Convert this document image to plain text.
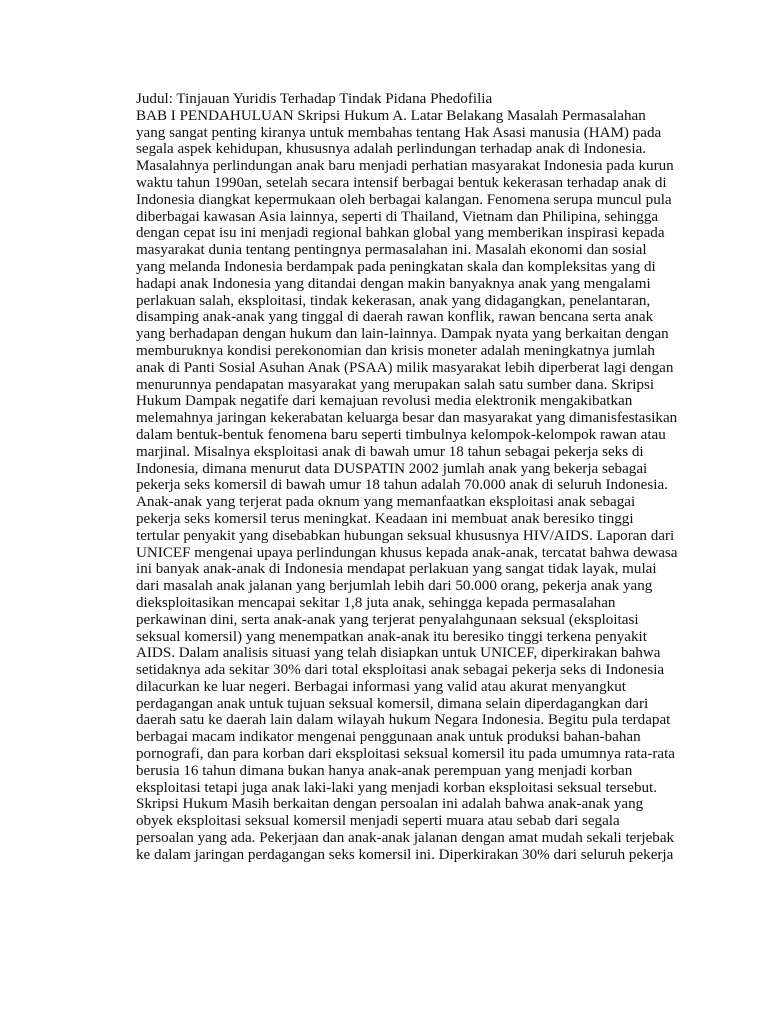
Judul: Tinjauan Yuridis Terhadap Tindak Pidana Phedofilia
BAB I PENDAHULUAN Skripsi Hukum A. Latar Belakang Masalah Permasalahan
yang sangat penting kiranya untuk membahas tentang Hak Asasi manusia (HAM) pada
segala aspek kehidupan, khususnya adalah perlindungan terhadap anak di Indonesia.
Masalahnya perlindungan anak baru menjadi perhatian masyarakat Indonesia pada kurun
waktu tahun 1990an, setelah secara intensif berbagai bentuk kekerasan terhadap anak di
Indonesia diangkat kepermukaan oleh berbagai kalangan. Fenomena serupa muncul pula
diberbagai kawasan Asia lainnya, seperti di Thailand, Vietnam dan Philipina, sehingga
dengan cepat isu ini menjadi regional bahkan global yang memberikan inspirasi kepada
masyarakat dunia tentang pentingnya permasalahan ini. Masalah ekonomi dan sosial
yang melanda Indonesia berdampak pada peningkatan skala dan kompleksitas yang di
hadapi anak Indonesia yang ditandai dengan makin banyaknya anak yang mengalami
perlakuan salah, eksploitasi, tindak kekerasan, anak yang didagangkan, penelantaran,
disamping anak-anak yang tinggal di daerah rawan konflik, rawan bencana serta anak
yang berhadapan dengan hukum dan lain-lainnya. Dampak nyata yang berkaitan dengan
memburuknya kondisi perekonomian dan krisis moneter adalah meningkatnya jumlah
anak di Panti Sosial Asuhan Anak (PSAA) milik masyarakat lebih diperberat lagi dengan
menurunnya pendapatan masyarakat yang merupakan salah satu sumber dana. Skripsi
Hukum Dampak negatife dari kemajuan revolusi media elektronik mengakibatkan
melemahnya jaringan kekerabatan keluarga besar dan masyarakat yang dimanisfestasikan
dalam bentuk-bentuk fenomena baru seperti timbulnya kelompok-kelompok rawan atau
marjinal. Misalnya eksploitasi anak di bawah umur 18 tahun sebagai pekerja seks di
Indonesia, dimana menurut data DUSPATIN 2002 jumlah anak yang bekerja sebagai
pekerja seks komersil di bawah umur 18 tahun adalah 70.000 anak di seluruh Indonesia.
Anak-anak yang terjerat pada oknum yang memanfaatkan eksploitasi anak sebagai
pekerja seks komersil terus meningkat. Keadaan ini membuat anak beresiko tinggi
tertular penyakit yang disebabkan hubungan seksual khususnya HIV/AIDS. Laporan dari
UNICEF mengenai upaya perlindungan khusus kepada anak-anak, tercatat bahwa dewasa
ini banyak anak-anak di Indonesia mendapat perlakuan yang sangat tidak layak, mulai
dari masalah anak jalanan yang berjumlah lebih dari 50.000 orang, pekerja anak yang
dieksploitasikan mencapai sekitar 1,8 juta anak, sehingga kepada permasalahan
perkawinan dini, serta anak-anak yang terjerat penyalahgunaan seksual (eksploitasi
seksual komersil) yang menempatkan anak-anak itu beresiko tinggi terkena penyakit
AIDS. Dalam analisis situasi yang telah disiapkan untuk UNICEF, diperkirakan bahwa
setidaknya ada sekitar 30% dari total eksploitasi anak sebagai pekerja seks di Indonesia
dilacurkan ke luar negeri. Berbagai informasi yang valid atau akurat menyangkut
perdagangan anak untuk tujuan seksual komersil, dimana selain diperdagangkan dari
daerah satu ke daerah lain dalam wilayah hukum Negara Indonesia. Begitu pula terdapat
berbagai macam indikator mengenai penggunaan anak untuk produksi bahan-bahan
pornografi, dan para korban dari eksploitasi seksual komersil itu pada umumnya rata-rata
berusia 16 tahun dimana bukan hanya anak-anak perempuan yang menjadi korban
eksploitasi tetapi juga anak laki-laki yang menjadi korban eksploitasi seksual tersebut.
Skripsi Hukum Masih berkaitan dengan persoalan ini adalah bahwa anak-anak yang
obyek eksploitasi seksual komersil menjadi seperti muara atau sebab dari segala
persoalan yang ada. Pekerjaan dan anak-anak jalanan dengan amat mudah sekali terjebak
ke dalam jaringan perdagangan seks komersil ini. Diperkirakan 30% dari seluruh pekerja
